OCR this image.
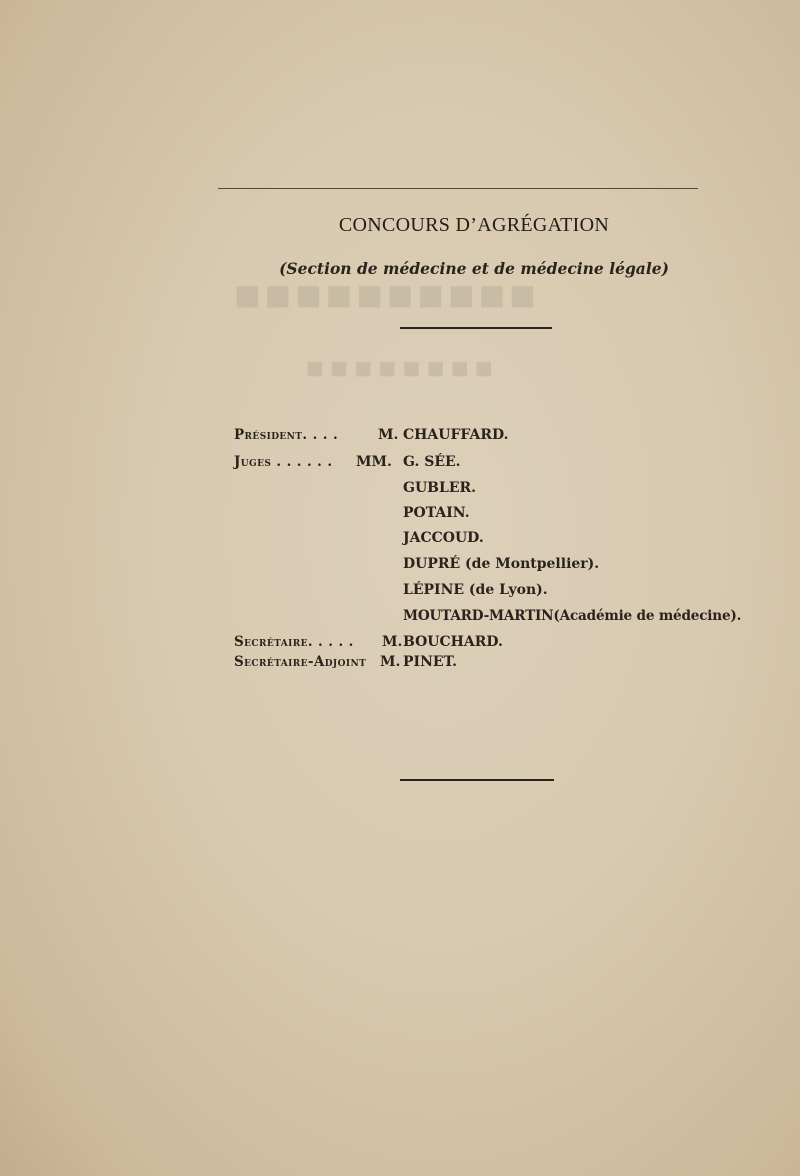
■■■■■■■■■■
■■■■■■■■
CONCOURS D’AGRÉGATION
(Section de médecine et de médecine légale)
Président. . . .	M. CHAUFFARD.
Juges . . . . . . MM. G. SÉE.
GUBLER.
POTAIN.
JACCOUD.
DUPRÉ (de Montpellier).
LÉPINE (de Lyon).
MOUTARD-MARTIN(Académie de médecine).
Secrétaire. . . . . M. BOUCHARD.
Secrétaire-Adjoint M. PINET.
